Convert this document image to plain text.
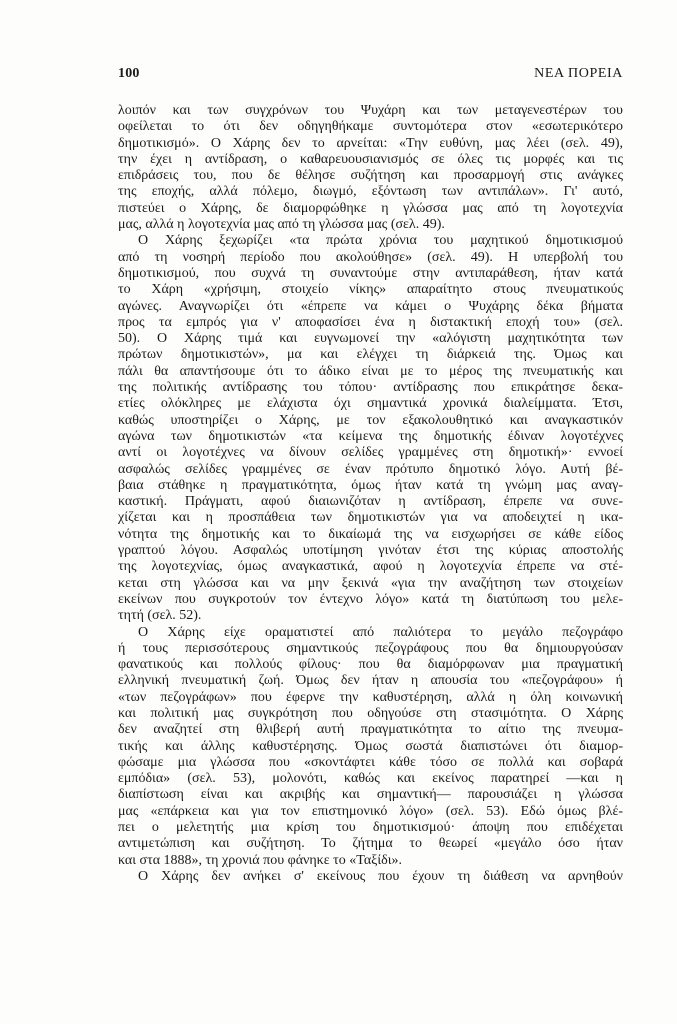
100	ΝΕΑ ΠΟΡΕΙΑ
λοιπόν και των συγχρόνων του Ψυχάρη και των μεταγενεστέρων του
οφείλεται το ότι δεν οδηγηθήκαμε συντομότερα στον «εσωτερικότερο
δημοτικισμό». Ο Χάρης δεν το αρνείται: «Την ευθύνη, μας λέει (σελ. 49),
την έχει η αντίδραση, ο καθαρευουσιανισμός σε όλες τις μορφές και τις
επιδράσεις του, που δε θέλησε συζήτηση και προσαρμογή στις ανάγκες
της εποχής, αλλά πόλεμο, διωγμό, εξόντωση των αντιπάλων». Γι' αυτό,
πιστεύει ο Χάρης, δε διαμορφώθηκε η γλώσσα μας από τη λογοτεχνία
μας, αλλά η λογοτεχνία μας από τη γλώσσα μας (σελ. 49).
Ο Χάρης ξεχωρίζει «τα πρώτα χρόνια του μαχητικού δημοτικισμού
από τη νοσηρή περίοδο που ακολούθησε» (σελ. 49). Η υπερβολή του
δημοτικισμού, που συχνά τη συναντούμε στην αντιπαράθεση, ήταν κατά
το Χάρη «χρήσιμη, στοιχείο νίκης» απαραίτητο στους πνευματικούς
αγώνες. Αναγνωρίζει ότι «έπρεπε να κάμει ο Ψυχάρης δέκα βήματα
προς τα εμπρός για ν' αποφασίσει ένα η διστακτική εποχή του» (σελ.
50). Ο Χάρης τιμά και ευγνωμονεί την «αλόγιστη μαχητικότητα των
πρώτων δημοτικιστών», μα και ελέγχει τη διάρκειά της. Όμως και
πάλι θα απαντήσουμε ότι το άδικο είναι με το μέρος της πνευματικής και
της πολιτικής αντίδρασης του τόπου· αντίδρασης που επικράτησε δεκα-
ετίες ολόκληρες με ελάχιστα όχι σημαντικά χρονικά διαλείμματα. Έτσι,
καθώς υποστηρίζει ο Χάρης, με τον εξακολουθητικό και αναγκαστικόν
αγώνα των δημοτικιστών «τα κείμενα της δημοτικής έδιναν λογοτέχνες
αντί οι λογοτέχνες να δίνουν σελίδες γραμμένες στη δημοτική»· εννοεί
ασφαλώς σελίδες γραμμένες σε έναν πρότυπο δημοτικό λόγο. Αυτή βέ-
βαια στάθηκε η πραγματικότητα, όμως ήταν κατά τη γνώμη μας αναγ-
καστική. Πράγματι, αφού διαιωνιζόταν η αντίδραση, έπρεπε να συνε-
χίζεται και η προσπάθεια των δημοτικιστών για να αποδειχτεί η ικα-
νότητα της δημοτικής και το δικαίωμά της να εισχωρήσει σε κάθε είδος
γραπτού λόγου. Ασφαλώς υποτίμηση γινόταν έτσι της κύριας αποστολής
της λογοτεχνίας, όμως αναγκαστικά, αφού η λογοτεχνία έπρεπε να στέ-
κεται στη γλώσσα και να μην ξεκινά «για την αναζήτηση των στοιχείων
εκείνων που συγκροτούν τον έντεχνο λόγο» κατά τη διατύπωση του μελε-
τητή (σελ. 52).
Ο Χάρης είχε οραματιστεί από παλιότερα το μεγάλο πεζογράφο
ή τους περισσότερους σημαντικούς πεζογράφους που θα δημιουργούσαν
φανατικούς και πολλούς φίλους· που θα διαμόρφωναν μια πραγματική
ελληνική πνευματική ζωή. Όμως δεν ήταν η απουσία του «πεζογράφου» ή
«των πεζογράφων» που έφερνε την καθυστέρηση, αλλά η όλη κοινωνική
και πολιτική μας συγκρότηση που οδηγούσε στη στασιμότητα. Ο Χάρης
δεν αναζητεί στη θλιβερή αυτή πραγματικότητα το αίτιο της πνευμα-
τικής και άλλης καθυστέρησης. Όμως σωστά διαπιστώνει ότι διαμορ-
φώσαμε μια γλώσσα που «σκοντάφτει κάθε τόσο σε πολλά και σοβαρά
εμπόδια» (σελ. 53), μολονότι, καθώς και εκείνος παρατηρεί —και η
διαπίστωση είναι και ακριβής και σημαντική— παρουσιάζει η γλώσσα
μας «επάρκεια και για τον επιστημονικό λόγο» (σελ. 53). Εδώ όμως βλέ-
πει ο μελετητής μια κρίση του δημοτικισμού· άποψη που επιδέχεται
αντιμετώπιση και συζήτηση. Το ζήτημα το θεωρεί «μεγάλο όσο ήταν
και στα 1888», τη χρονιά που φάνηκε το «Ταξίδι».
Ο Χάρης δεν ανήκει σ' εκείνους που έχουν τη διάθεση να αρνηθούν
